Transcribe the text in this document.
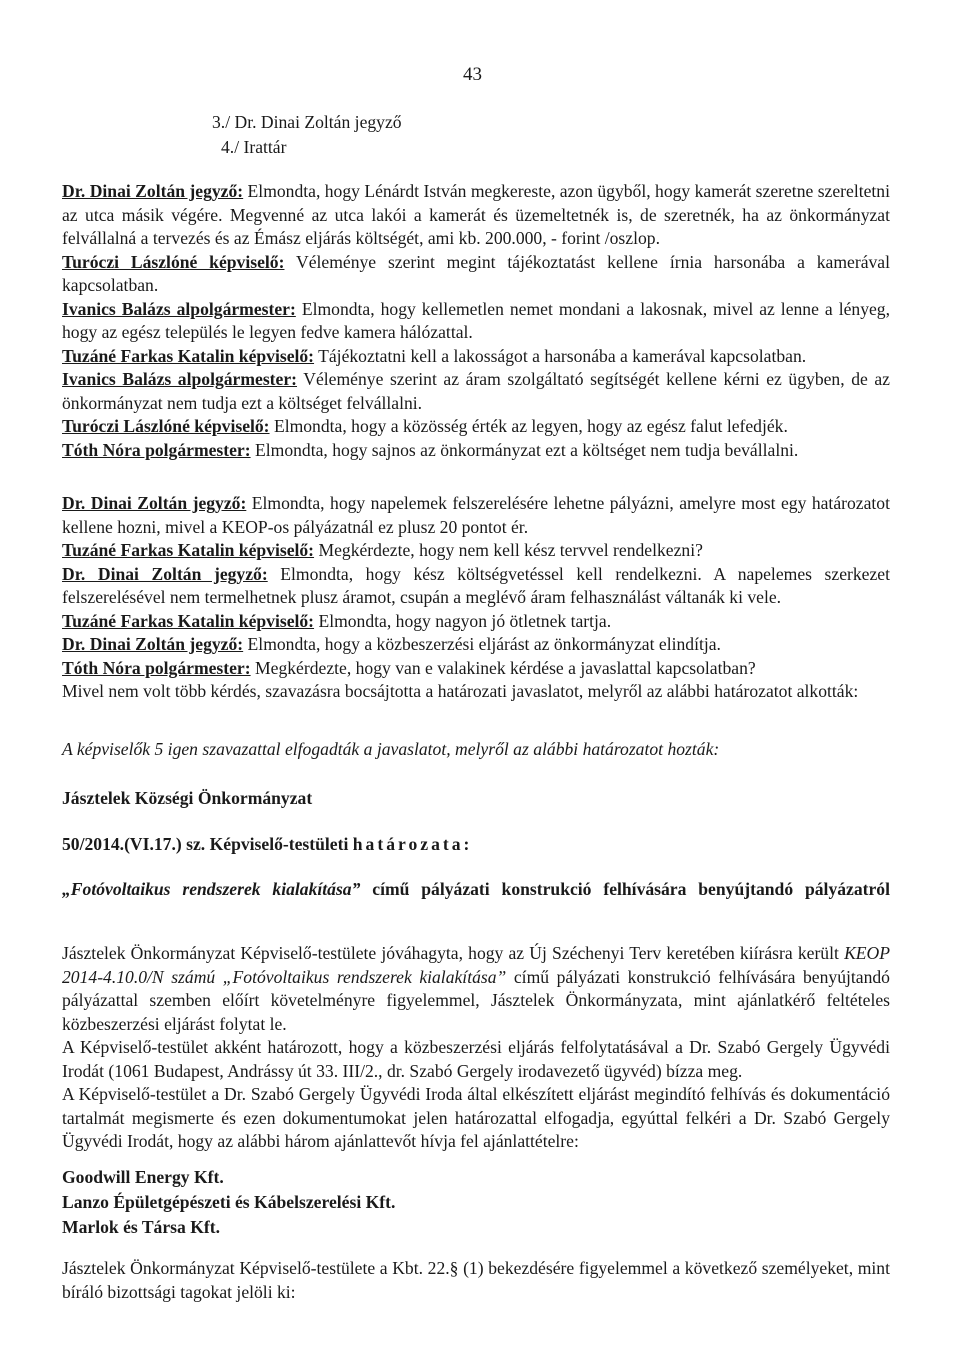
43
3./ Dr. Dinai Zoltán jegyző
4./ Irattár

Dr. Dinai Zoltán jegyző: Elmondta, hogy Lénárdt István megkereste, azon ügyből, hogy kamerát szeretne szereltetni az utca másik végére. Megvenné az utca lakói a kamerát és üzemeltetnék is, de szeretnék, ha az önkormányzat felvállalná a tervezés és az Émász eljárás költségét, ami kb. 200.000, - forint /oszlop.

Turóczi Lászlóné képviselő: Véleménye szerint megint tájékoztatást kellene írnia harsonába a kamerával kapcsolatban.

Ivanics Balázs alpolgármester: Elmondta, hogy kellemetlen nemet mondani a lakosnak, mivel az lenne a lényeg, hogy az egész település le legyen fedve kamera hálózattal.

Tuzáné Farkas Katalin képviselő: Tájékoztatni kell a lakosságot a harsonába a kamerával kapcsolatban.

Ivanics Balázs alpolgármester: Véleménye szerint az áram szolgáltató segítségét kellene kérni ez ügyben, de az önkormányzat nem tudja ezt a költséget felvállalni.

Turóczi Lászlóné képviselő: Elmondta, hogy a közösség érték az legyen, hogy az egész falut lefedjék.

Tóth Nóra polgármester: Elmondta, hogy sajnos az önkormányzat ezt a költséget nem tudja bevállalni.

Dr. Dinai Zoltán jegyző: Elmondta, hogy napelemek felszerelésére lehetne pályázni, amelyre most egy határozatot kellene hozni, mivel a KEOP-os pályázatnál ez plusz 20 pontot ér.

Tuzáné Farkas Katalin képviselő: Megkérdezte, hogy nem kell kész tervvel rendelkezni?

Dr. Dinai Zoltán jegyző: Elmondta, hogy kész költségvetéssel kell rendelkezni. A napelemes szerkezet felszerelésével nem termelhetnek plusz áramot, csupán a meglévő áram felhasználást váltanák ki vele.

Tuzáné Farkas Katalin képviselő: Elmondta, hogy nagyon jó ötletnek tartja.

Dr. Dinai Zoltán jegyző: Elmondta, hogy a közbeszerzési eljárást az önkormányzat elindítja.

Tóth Nóra polgármester: Megkérdezte, hogy van e valakinek kérdése a javaslattal kapcsolatban?

Mivel nem volt több kérdés, szavazásra bocsájtotta a határozati javaslatot, melyről az alábbi határozatot alkották:

A képviselők 5 igen szavazattal elfogadták a javaslatot, melyről az alábbi határozatot hozták:
Jásztelek Községi Önkormányzat
50/2014.(VI.17.) sz. Képviselő-testületi határozata:
„Fotóvoltaikus rendszerek kialakítása” című pályázati konstrukció felhívására benyújtandó pályázatról

Jásztelek Önkormányzat Képviselő-testülete jóváhagyta, hogy az Új Széchenyi Terv keretében kiírásra került KEOP 2014-4.10.0/N számú „Fotóvoltaikus rendszerek kialakítása” című pályázati konstrukció felhívására benyújtandó pályázattal szemben előírt követelményre figyelemmel, Jásztelek Önkormányzata, mint ajánlatkérő feltételes közbeszerzési eljárást folytat le.

A Képviselő-testület akként határozott, hogy a közbeszerzési eljárás felfolytatásával a Dr. Szabó Gergely Ügyvédi Irodát (1061 Budapest, Andrássy út 33. III/2., dr. Szabó Gergely irodavezető ügyvéd) bízza meg.

A Képviselő-testület a Dr. Szabó Gergely Ügyvédi Iroda által elkészített eljárást megindító felhívás és dokumentáció tartalmát megismerte és ezen dokumentumokat jelen határozattal elfogadja, egyúttal felkéri a Dr. Szabó Gergely Ügyvédi Irodát, hogy az alábbi három ajánlattevőt hívja fel ajánlattételre:

Goodwill Energy Kft.
Lanzo Épületgépészeti és Kábelszerelési Kft.
Marlok és Társa Kft.
Jásztelek Önkormányzat Képviselő-testülete a Kbt. 22.§ (1) bekezdésére figyelemmel a következő személyeket, mint bíráló bizottsági tagokat jelöli ki:
